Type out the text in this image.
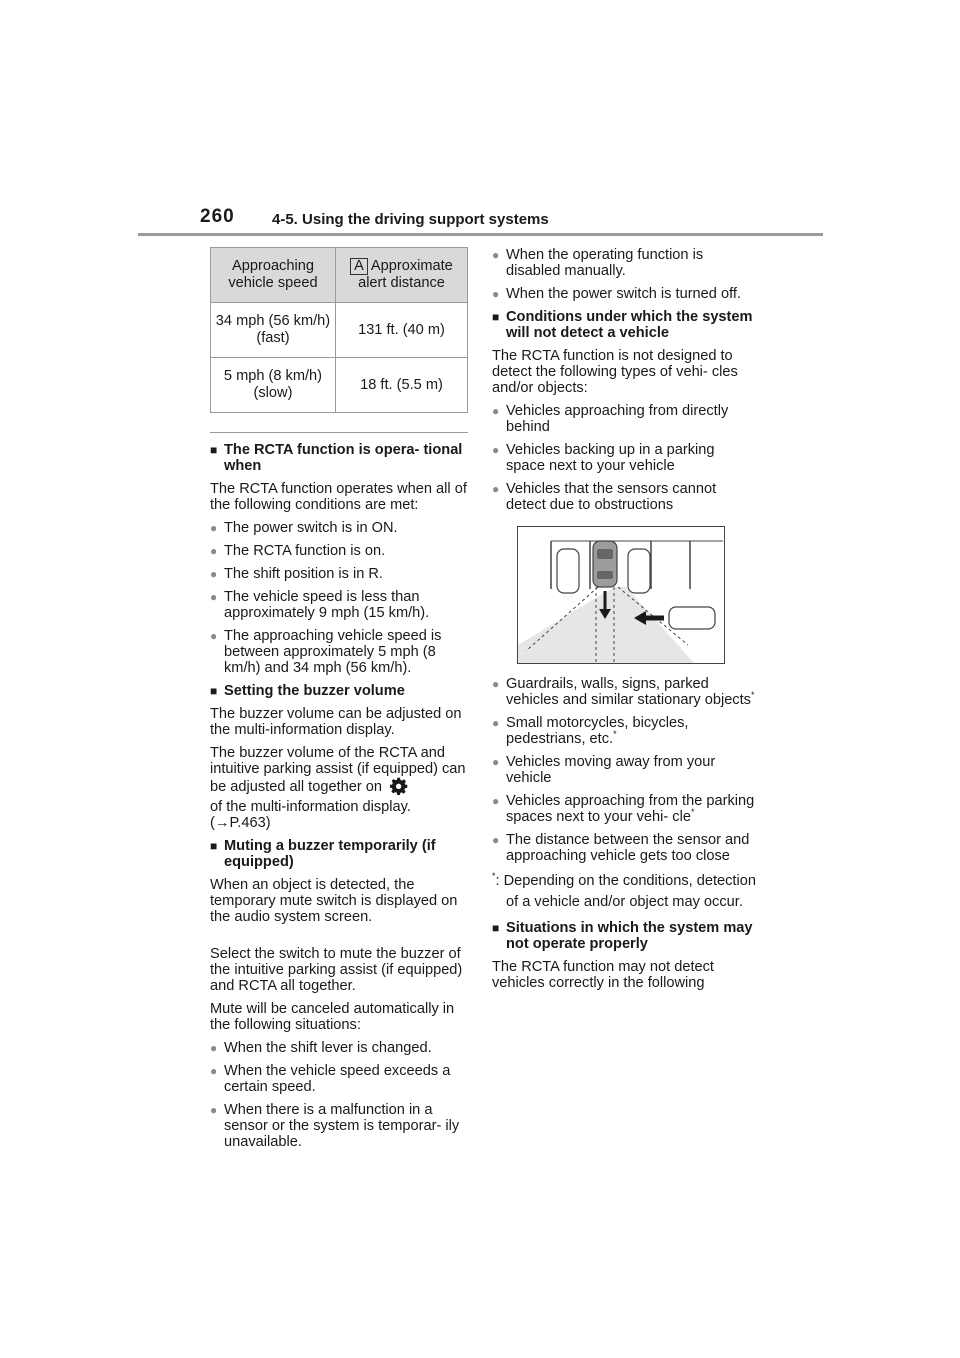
260 4-5. Using the driving support systems
Approaching vehicle speed	A Approximate alert distance
34 mph (56 km/h) (fast)	131 ft. (40 m)
5 mph (8 km/h) (slow)	18 ft. (5.5 m)
■ The RCTA function is opera- tional when
The RCTA function operates when all of the following conditions are met:
● The power switch is in ON.
● The RCTA function is on.
● The shift position is in R.
● The vehicle speed is less than approximately 9 mph (15 km/h).
● The approaching vehicle speed is between approximately 5 mph (8 km/h) and 34 mph (56 km/h).
■ Setting the buzzer volume
The buzzer volume can be adjusted on the multi-information display.
The buzzer volume of the RCTA and intuitive parking assist (if equipped) can be adjusted all together on
of the multi-information display.
(→P.463)
■ Muting a buzzer temporarily (if equipped)
When an object is detected, the temporary mute switch is displayed on the audio system screen.
Select the switch to mute the buzzer of the intuitive parking assist (if equipped) and RCTA all together.
Mute will be canceled automatically in the following situations:
● When the shift lever is changed.
● When the vehicle speed exceeds a certain speed.
● When there is a malfunction in a sensor or the system is temporar- ily unavailable.
● When the operating function is disabled manually.
● When the power switch is turned off.
■ Conditions under which the system will not detect a vehicle
The RCTA function is not designed to detect the following types of vehi- cles and/or objects:
● Vehicles approaching from directly behind
● Vehicles backing up in a parking space next to your vehicle
● Vehicles that the sensors cannot detect due to obstructions
● Guardrails, walls, signs, parked vehicles and similar stationary objects*
● Small motorcycles, bicycles, pedestrians, etc.*
● Vehicles moving away from your vehicle
● Vehicles approaching from the parking spaces next to your vehi- cle*
● The distance between the sensor and approaching vehicle gets too close
*: Depending on the conditions, detection of a vehicle and/or object may occur.
■ Situations in which the system may not operate properly
The RCTA function may not detect vehicles correctly in the following
